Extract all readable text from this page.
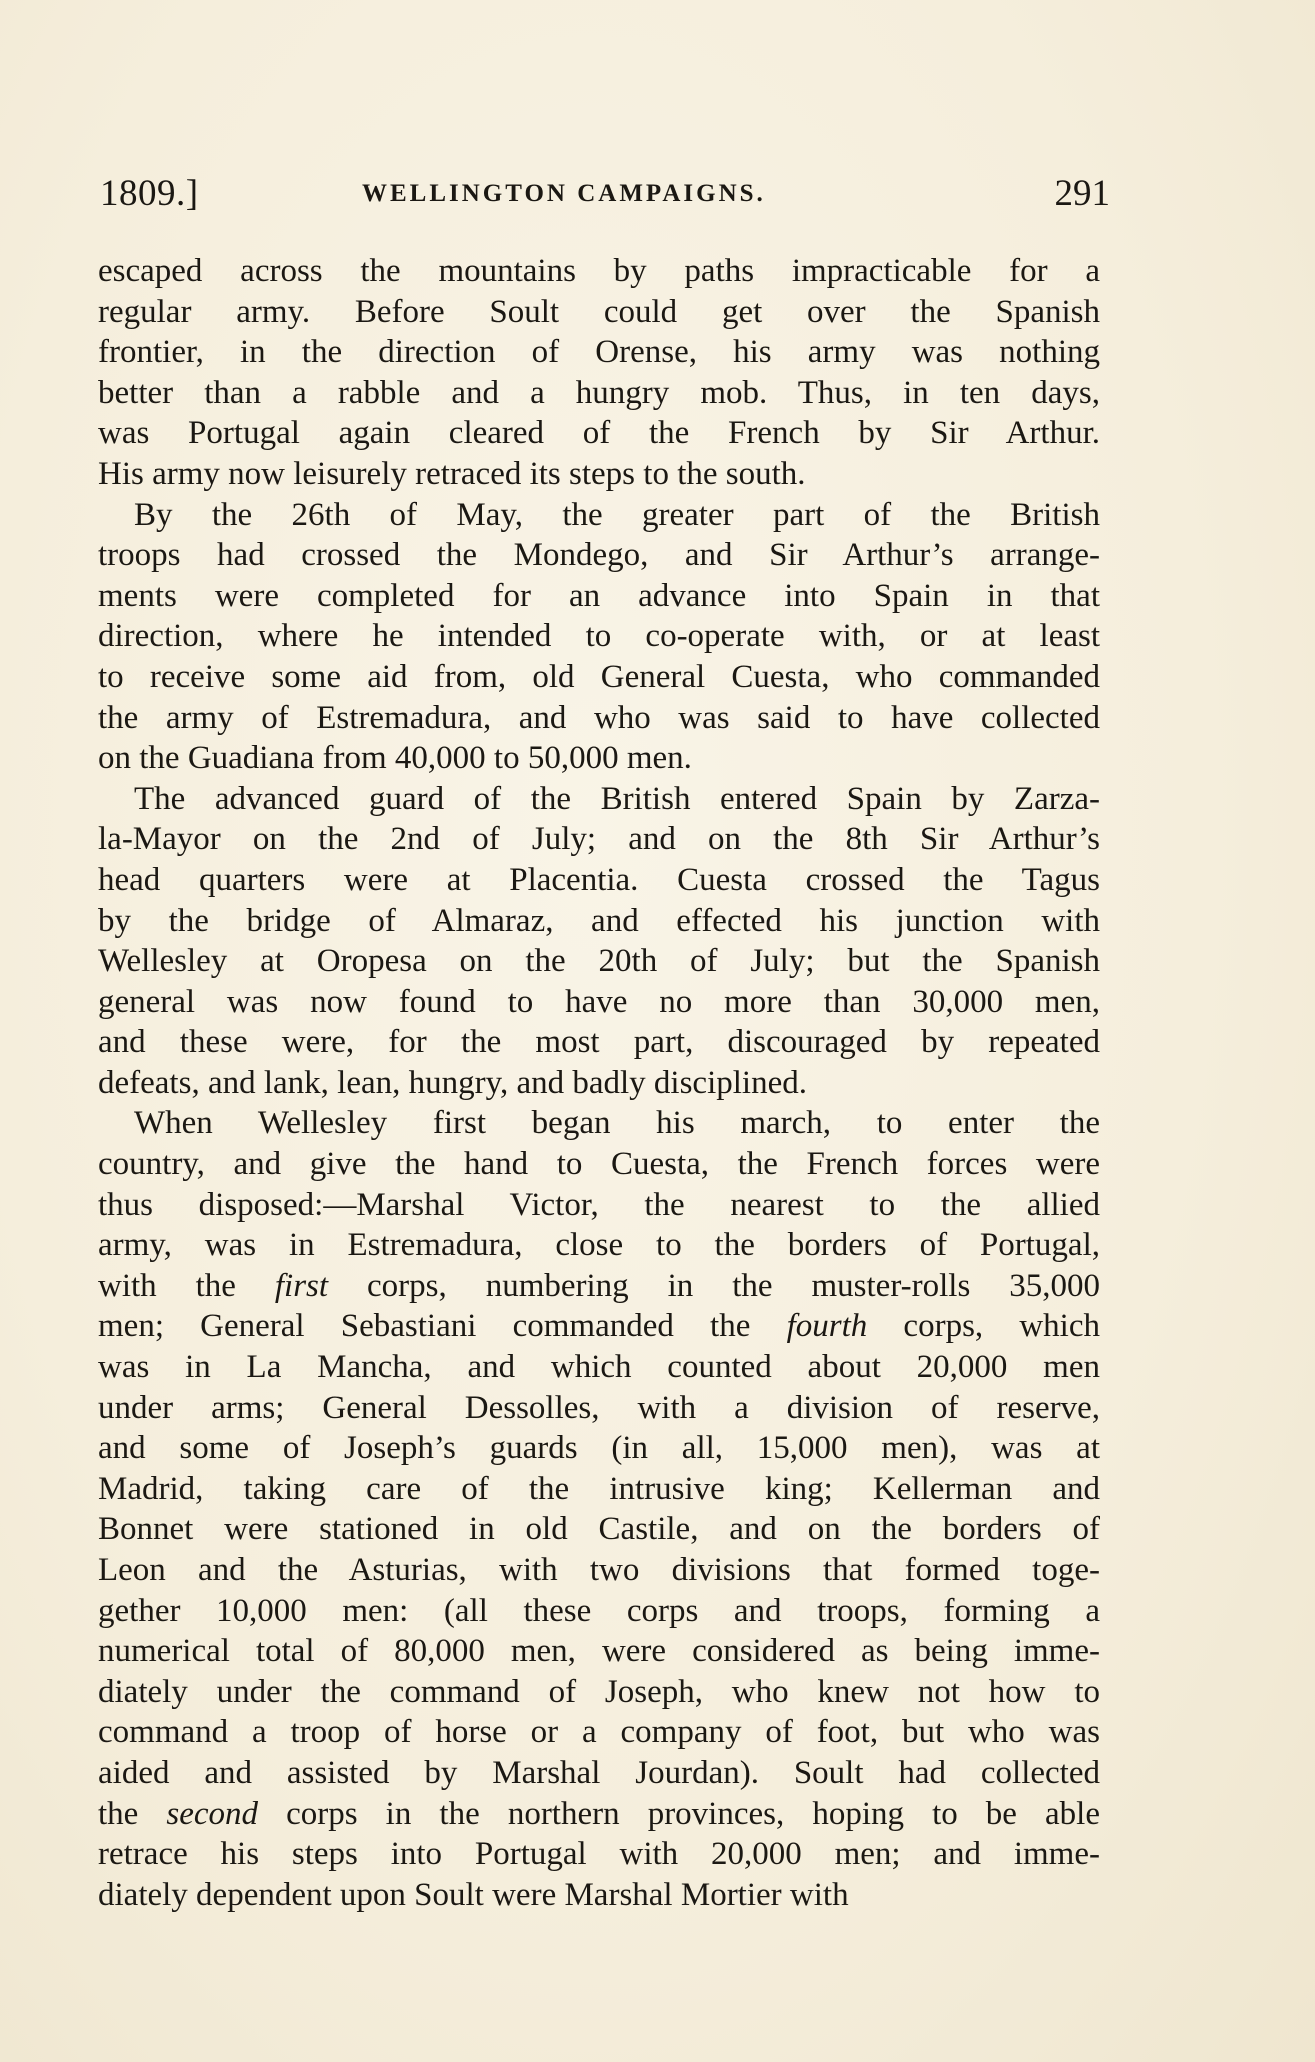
1809.]	WELLINGTON CAMPAIGNS.	291
escaped across the mountains by paths impracticable for a
regular army. Before Soult could get over the Spanish
frontier, in the direction of Orense, his army was nothing
better than a rabble and a hungry mob. Thus, in ten days,
was Portugal again cleared of the French by Sir Arthur.
His army now leisurely retraced its steps to the south.
By the 26th of May, the greater part of the British
troops had crossed the Mondego, and Sir Arthur’s arrange-
ments were completed for an advance into Spain in that
direction, where he intended to co-operate with, or at least
to receive some aid from, old General Cuesta, who commanded
the army of Estremadura, and who was said to have collected
on the Guadiana from 40,000 to 50,000 men.
The advanced guard of the British entered Spain by Zarza-
la-Mayor on the 2nd of July; and on the 8th Sir Arthur’s
head quarters were at Placentia. Cuesta crossed the Tagus
by the bridge of Almaraz, and effected his junction with
Wellesley at Oropesa on the 20th of July; but the Spanish
general was now found to have no more than 30,000 men,
and these were, for the most part, discouraged by repeated
defeats, and lank, lean, hungry, and badly disciplined.
When Wellesley first began his march, to enter the
country, and give the hand to Cuesta, the French forces were
thus disposed:—Marshal Victor, the nearest to the allied
army, was in Estremadura, close to the borders of Portugal,
with the first corps, numbering in the muster-rolls 35,000
men; General Sebastiani commanded the fourth corps, which
was in La Mancha, and which counted about 20,000 men
under arms; General Dessolles, with a division of reserve,
and some of Joseph’s guards (in all, 15,000 men), was at
Madrid, taking care of the intrusive king; Kellerman and
Bonnet were stationed in old Castile, and on the borders of
Leon and the Asturias, with two divisions that formed toge-
gether 10,000 men: (all these corps and troops, forming a
numerical total of 80,000 men, were considered as being imme-
diately under the command of Joseph, who knew not how to
command a troop of horse or a company of foot, but who was
aided and assisted by Marshal Jourdan). Soult had collected
the second corps in the northern provinces, hoping to be able
retrace his steps into Portugal with 20,000 men; and imme-
diately dependent upon Soult were Marshal Mortier with
